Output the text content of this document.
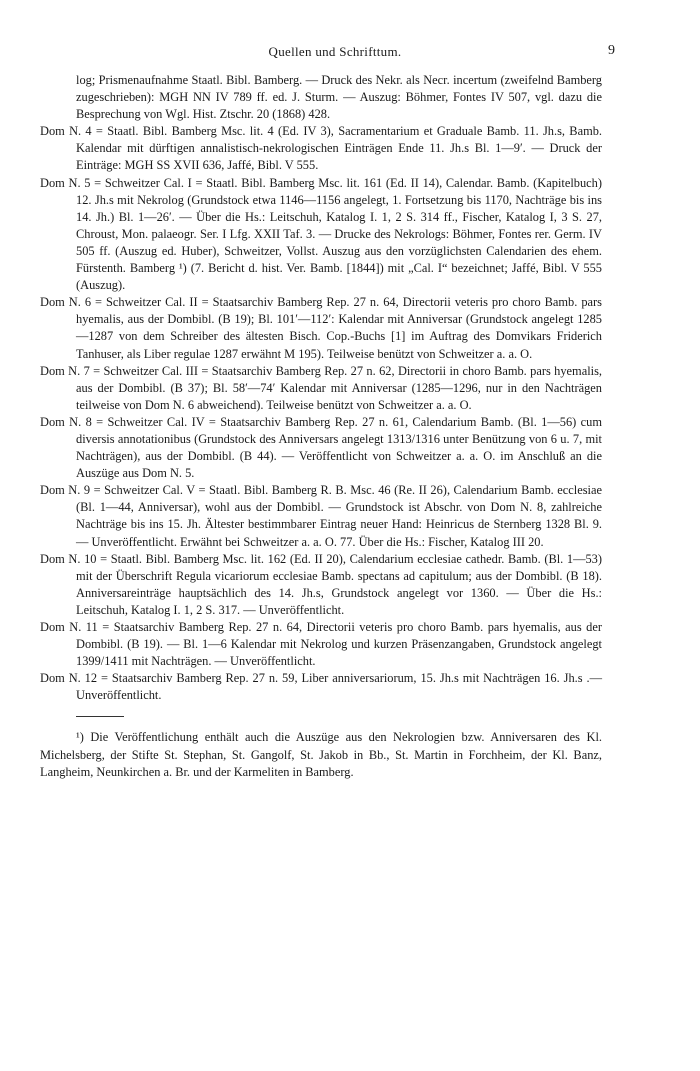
Quellen und Schrifttum.	9

log; Prismenaufnahme Staatl. Bibl. Bamberg. — Druck des Nekr. als Necr. incertum (zweifelnd Bamberg zugeschrieben): MGH NN IV 789 ff. ed. J. Sturm. — Auszug: Böhmer, Fontes IV 507, vgl. dazu die Besprechung von Wgl. Hist. Ztschr. 20 (1868) 428.

Dom N. 4 = Staatl. Bibl. Bamberg Msc. lit. 4 (Ed. IV 3), Sacramentarium et Graduale Bamb. 11. Jh.s, Bamb. Kalendar mit dürftigen annalistisch-nekrologischen Einträgen Ende 11. Jh.s Bl. 1—9′. — Druck der Einträge: MGH SS XVII 636, Jaffé, Bibl. V 555.

Dom N. 5 = Schweitzer Cal. I = Staatl. Bibl. Bamberg Msc. lit. 161 (Ed. II 14), Calendar. Bamb. (Kapitelbuch) 12. Jh.s mit Nekrolog (Grundstock etwa 1146—1156 angelegt, 1. Fortsetzung bis 1170, Nachträge bis ins 14. Jh.) Bl. 1—26′. — Über die Hs.: Leitschuh, Katalog I. 1, 2 S. 314 ff., Fischer, Katalog I, 3 S. 27, Chroust, Mon. palaeogr. Ser. I Lfg. XXII Taf. 3. — Drucke des Nekrologs: Böhmer, Fontes rer. Germ. IV 505 ff. (Auszug ed. Huber), Schweitzer, Vollst. Auszug aus den vorzüglichsten Calendarien des ehem. Fürstenth. Bamberg ¹) (7. Bericht d. hist. Ver. Bamb. [1844]) mit „Cal. I“ bezeichnet; Jaffé, Bibl. V 555 (Auszug).

Dom N. 6 = Schweitzer Cal. II = Staatsarchiv Bamberg Rep. 27 n. 64, Directorii veteris pro choro Bamb. pars hyemalis, aus der Dombibl. (B 19); Bl. 101′—112′: Kalendar mit Anniversar (Grundstock angelegt 1285—1287 von dem Schreiber des ältesten Bisch. Cop.-Buchs [1] im Auftrag des Domvikars Friderich Tanhuser, als Liber regulae 1287 erwähnt M 195). Teilweise benützt von Schweitzer a. a. O.

Dom N. 7 = Schweitzer Cal. III = Staatsarchiv Bamberg Rep. 27 n. 62, Directorii in choro Bamb. pars hyemalis, aus der Dombibl. (B 37); Bl. 58′—74′ Kalendar mit Anniversar (1285—1296, nur in den Nachträgen teilweise von Dom N. 6 abweichend). Teilweise benützt von Schweitzer a. a. O.

Dom N. 8 = Schweitzer Cal. IV = Staatsarchiv Bamberg Rep. 27 n. 61, Calendarium Bamb. (Bl. 1—56) cum diversis annotationibus (Grundstock des Anniversars angelegt 1313/1316 unter Benützung von 6 u. 7, mit Nachträgen), aus der Dombibl. (B 44). — Veröffentlicht von Schweitzer a. a. O. im Anschluß an die Auszüge aus Dom N. 5.

Dom N. 9 = Schweitzer Cal. V = Staatl. Bibl. Bamberg R. B. Msc. 46 (Re. II 26), Calendarium Bamb. ecclesiae (Bl. 1—44, Anniversar), wohl aus der Dombibl. — Grundstock ist Abschr. von Dom N. 8, zahlreiche Nachträge bis ins 15. Jh. Ältester bestimmbarer Eintrag neuer Hand: Heinricus de Sternberg 1328 Bl. 9. — Unveröffentlicht. Erwähnt bei Schweitzer a. a. O. 77. Über die Hs.: Fischer, Katalog III 20.

Dom N. 10 = Staatl. Bibl. Bamberg Msc. lit. 162 (Ed. II 20), Calendarium ecclesiae cathedr. Bamb. (Bl. 1—53) mit der Überschrift Regula vicariorum ecclesiae Bamb. spectans ad capitulum; aus der Dombibl. (B 18). Anniversareinträge hauptsächlich des 14. Jh.s, Grundstock angelegt vor 1360. — Über die Hs.: Leitschuh, Katalog I. 1, 2 S. 317. — Unveröffentlicht.

Dom N. 11 = Staatsarchiv Bamberg Rep. 27 n. 64, Directorii veteris pro choro Bamb. pars hyemalis, aus der Dombibl. (B 19). — Bl. 1—6 Kalendar mit Nekrolog und kurzen Präsenzangaben, Grundstock angelegt 1399/1411 mit Nachträgen. — Unveröffentlicht.

Dom N. 12 = Staatsarchiv Bamberg Rep. 27 n. 59, Liber anniversariorum, 15. Jh.s mit Nachträgen 16. Jh.s .— Unveröffentlicht.

¹) Die Veröffentlichung enthält auch die Auszüge aus den Nekrologien bzw. Anniversaren des Kl. Michelsberg, der Stifte St. Stephan, St. Gangolf, St. Jakob in Bb., St. Martin in Forchheim, der Kl. Banz, Langheim, Neunkirchen a. Br. und der Karmeliten in Bamberg.
